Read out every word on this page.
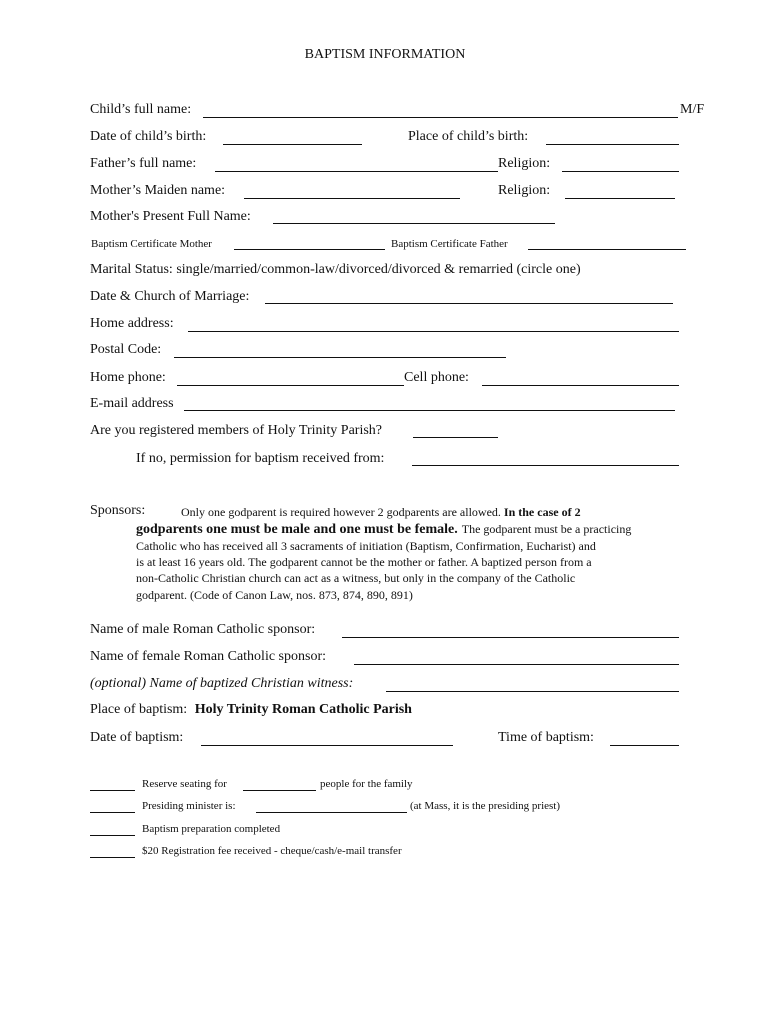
BAPTISM INFORMATION
Child’s full name:	M/F
Date of child’s birth:	Place of child’s birth:
Father’s full name:	Religion:
Mother’s Maiden name:	Religion:
Mother's Present Full Name:
Baptism Certificate Mother	Baptism Certificate Father
Marital Status: single/married/common-law/divorced/divorced & remarried (circle one)
Date & Church of Marriage:
Home address:
Postal Code:
Home phone:	Cell phone:
E-mail address
Are you registered members of Holy Trinity Parish?
If no, permission for baptism received from:
Sponsors:	Only one godparent is required however 2 godparents are allowed. In the case of 2
godparents one must be male and one must be female. The godparent must be a practicing
Catholic who has received all 3 sacraments of initiation (Baptism, Confirmation, Eucharist) and
is at least 16 years old. The godparent cannot be the mother or father. A baptized person from a
non-Catholic Christian church can act as a witness, but only in the company of the Catholic
godparent. (Code of Canon Law, nos. 873, 874, 890, 891)
Name of male Roman Catholic sponsor:
Name of female Roman Catholic sponsor:
(optional) Name of baptized Christian witness:
Place of baptism: Holy Trinity Roman Catholic Parish
Date of baptism:	Time of baptism:
Reserve seating for	people for the family
Presiding minister is:	(at Mass, it is the presiding priest)
Baptism preparation completed
$20 Registration fee received - cheque/cash/e-mail transfer
